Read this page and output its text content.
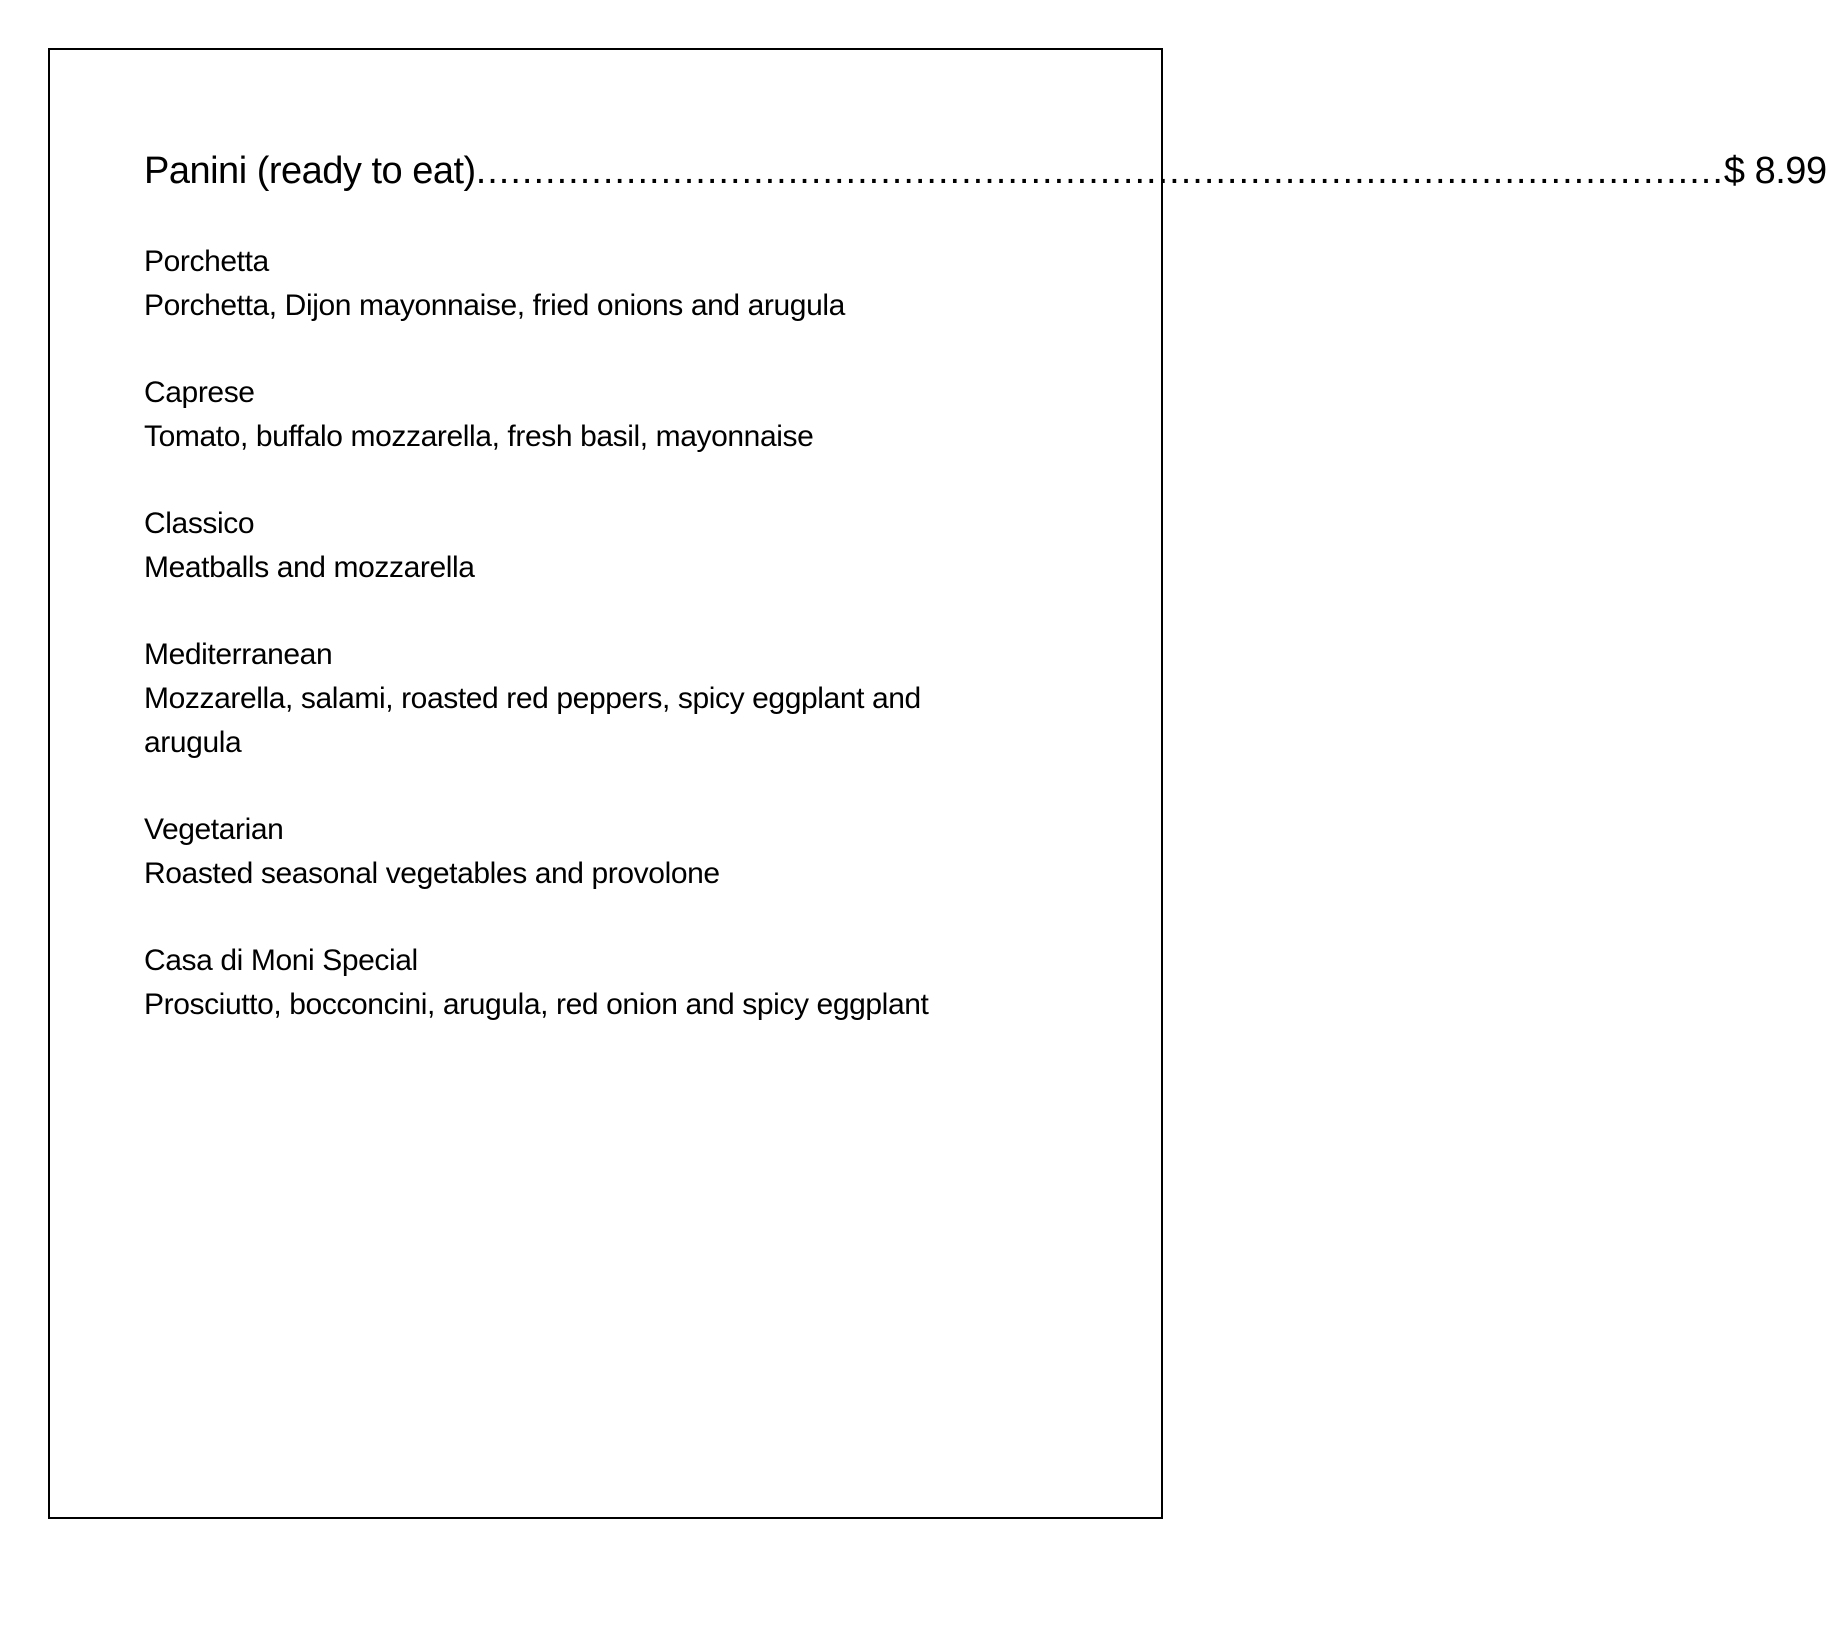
Panini (ready to eat) ............................................................................................................ $ 8.99
Porchetta
Porchetta, Dijon mayonnaise, fried onions and arugula
Caprese
Tomato, buffalo mozzarella, fresh basil, mayonnaise
Classico
Meatballs and mozzarella
Mediterranean
Mozzarella, salami, roasted red peppers, spicy eggplant and arugula
Vegetarian
Roasted seasonal vegetables and provolone
Casa di Moni Special
Prosciutto, bocconcini, arugula, red onion and spicy eggplant
